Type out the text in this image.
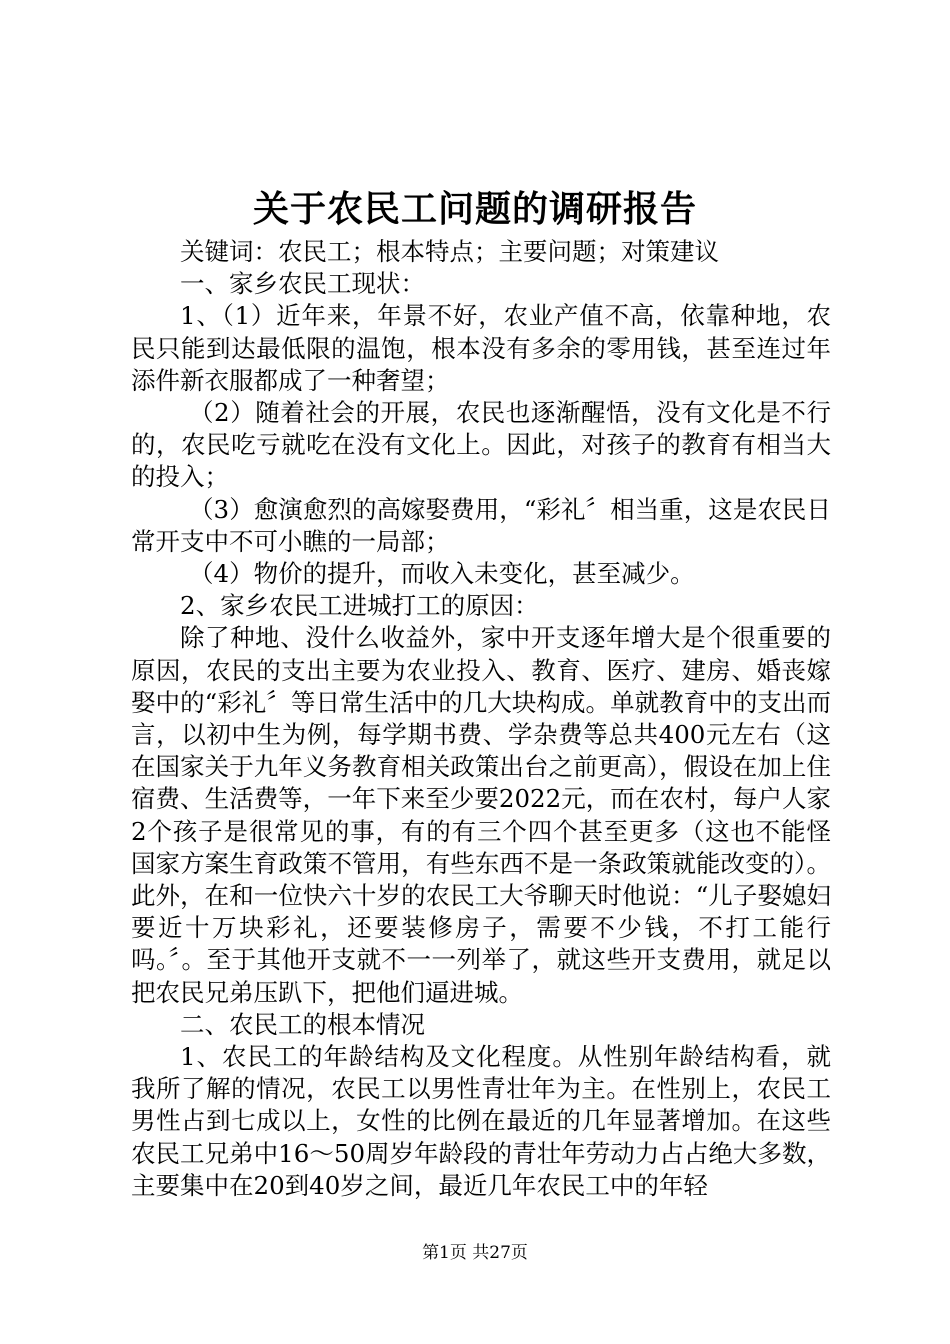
关于农民工问题的调研报告

关键词：农民工；根本特点；主要问题；对策建议

一、家乡农民工现状：

1、（1）近年来，年景不好，农业产值不高，依靠种地，农民只能到达最低限的温饱，根本没有多余的零用钱，甚至连过年添件新衣服都成了一种奢望；

（2）随着社会的开展，农民也逐渐醒悟，没有文化是不行的，农民吃亏就吃在没有文化上。因此，对孩子的教育有相当大的投入；

（3）愈演愈烈的高嫁娶费用，“彩礼〞相当重，这是农民日常开支中不可小瞧的一局部；

（4）物价的提升，而收入未变化，甚至减少。

2、家乡农民工进城打工的原因：

除了种地、没什么收益外，家中开支逐年增大是个很重要的原因，农民的支出主要为农业投入、教育、医疗、建房、婚丧嫁娶中的“彩礼〞等日常生活中的几大块构成。单就教育中的支出而言，以初中生为例，每学期书费、学杂费等总共400元左右（这在国家关于九年义务教育相关政策出台之前更高），假设在加上住宿费、生活费等，一年下来至少要2022元，而在农村，每户人家2个孩子是很常见的事，有的有三个四个甚至更多（这也不能怪国家方案生育政策不管用，有些东西不是一条政策就能改变的）。此外，在和一位快六十岁的农民工大爷聊天时他说：“儿子娶媳妇要近十万块彩礼，还要装修房子，需要不少钱，不打工能行吗。〞。至于其他开支就不一一列举了，就这些开支费用，就足以把农民兄弟压趴下，把他们逼进城。

二、农民工的根本情况

1、农民工的年龄结构及文化程度。从性别年龄结构看，就我所了解的情况，农民工以男性青壮年为主。在性别上，农民工男性占到七成以上，女性的比例在最近的几年显著增加。在这些农民工兄弟中16～50周岁年龄段的青壮年劳动力占占绝大多数，主要集中在20到40岁之间，最近几年农民工中的年轻

第1页 共27页
